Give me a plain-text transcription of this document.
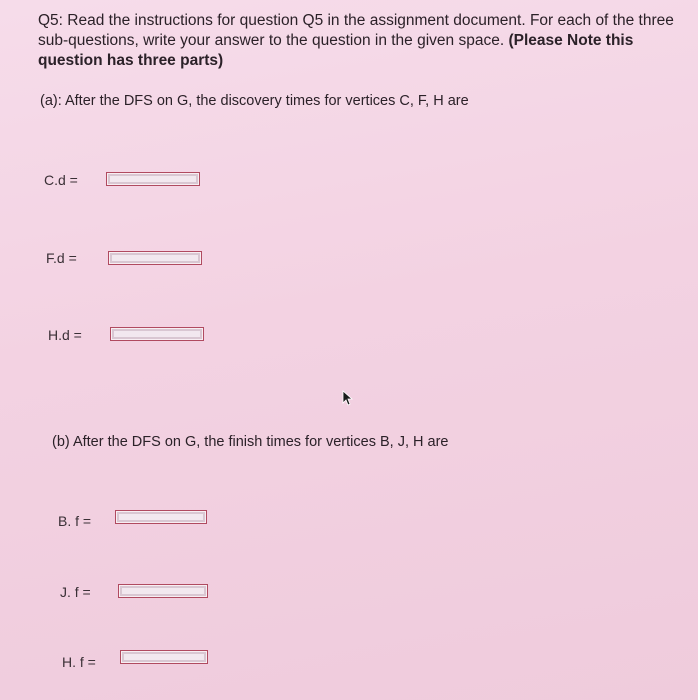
Q5: Read the instructions for question Q5 in the assignment document. For each of the three sub-questions, write your answer to the question in the given space. (Please Note this question has three parts)
(a): After the DFS on G, the discovery times for vertices C, F, H are
C.d =
F.d =
H.d =
(b) After the DFS on G, the finish times for vertices B, J, H are
B. f =
J. f =
H. f =
